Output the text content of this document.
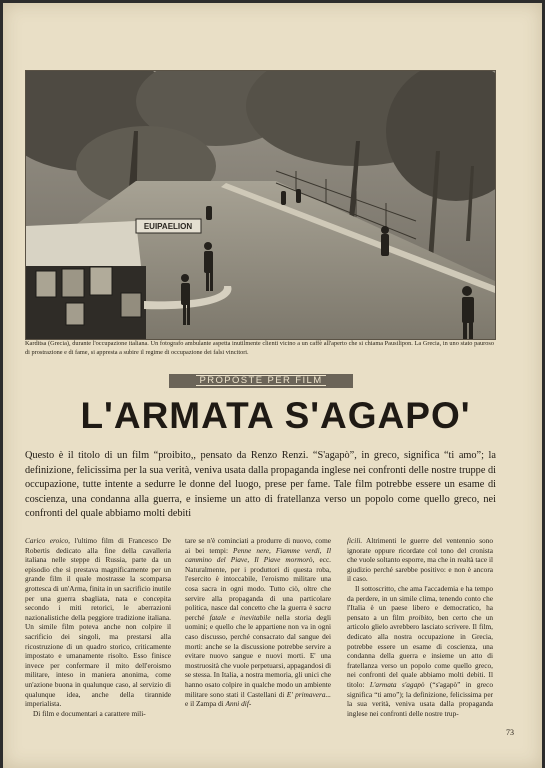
EUIPAELION
Karditsa (Grecia), durante l'occupazione italiana. Un fotografo ambulante aspetta inutilmente clienti vicino a un caffè all'aperto che si chiama Pausilipon. La Grecia, in uno stato pauroso di prostrazione e di fame, si appresta a subire il regime di occupazione dei falsi vincitori.
PROPOSTE PER FILM
L'ARMATA S'AGAPO'
Questo è il titolo di un film “proibito,, pensato da Renzo Renzi. “S'agapò”, in greco, significa “ti amo”; la definizione, felicissima per la sua verità, veniva usata dalla propaganda inglese nei confronti delle nostre truppe di occupazione, tutte intente a sedurre le donne del luogo, prese per fame. Tale film potrebbe essere un esame di coscienza, una condanna alla guerra, e insieme un atto di fratellanza verso un popolo come quello greco, nei confronti del quale abbiamo molti debiti

Carico eroico, l'ultimo film di Francesco De Robertis dedicato alla fine della cavalleria italiana nelle steppe di Russia, parte da un episodio che si prestava magnificamente per un grande film il quale mostrasse la scomparsa grottesca di un'Arma, finita in un sacrificio inutile per una guerra sbagliata, nata e concepita secondo i miti retorici, le aberrazioni nazionalistiche della peggiore tradizione italiana. Un simile film poteva anche non colpire il sacrificio dei singoli, ma prestarsi alla ricostruzione di un quadro storico, criticamente impostato e umanamente risolto. Esso finisce invece per confermare il mito dell'eroismo militare, inteso in maniera anonima, come un'azione buona in qualunque caso, al servizio di qualunque idea, anche della tirannide imperialista.

Di film e documentari a carattere mili-

tare se n'è cominciati a produrre di nuovo, come ai bei tempi: Penne nere, Fiamme verdi, Il cammino del Piave, Il Piave mormorò, ecc. Naturalmente, per i produttori di questa roba, l'esercito è intoccabile, l'eroismo militare una cosa sacra in ogni modo. Tutto ciò, oltre che servire alla propaganda di una particolare politica, nasce dal concetto che la guerra è sacra perché fatale e inevitabile nella storia degli uomini; e quello che le appartiene non va in ogni caso discusso, perché consacrato dal sangue dei morti: anche se la discussione potrebbe servire a evitare nuovo sangue e nuovi morti. E' una mostruosità che vuole perpetuarsi, appagandosi di se stessa. In Italia, a nostra memoria, gli unici che hanno osato colpire in qualche modo un ambiente militare sono stati il Castellani di E' primavera... e il Zampa di Anni dif-

ficili. Altrimenti le guerre del ventennio sono ignorate oppure ricordate col tono del cronista che vuole soltanto esporre, ma che in realtà tace il giudizio perché sarebbe positivo: e non è ancora il caso.

Il sottoscritto, che ama l'accademia e ha tempo da perdere, in un simile clima, tenendo conto che l'Italia è un paese libero e democratico, ha pensato a un film proibito, ben certo che un articolo glielo avrebbero lasciato scrivere. Il film, dedicato alla nostra occupazione in Grecia, potrebbe essere un esame di coscienza, una condanna della guerra e insieme un atto di fratellanza verso un popolo come quello greco, nei confronti del quale abbiamo molti debiti. Il titolo: L'armata s'agapò (“s'agapò” in greco significa “ti amo”); la definizione, felicissima per la sua verità, veniva usata dalla propaganda inglese nei confronti delle nostre trup-

73
